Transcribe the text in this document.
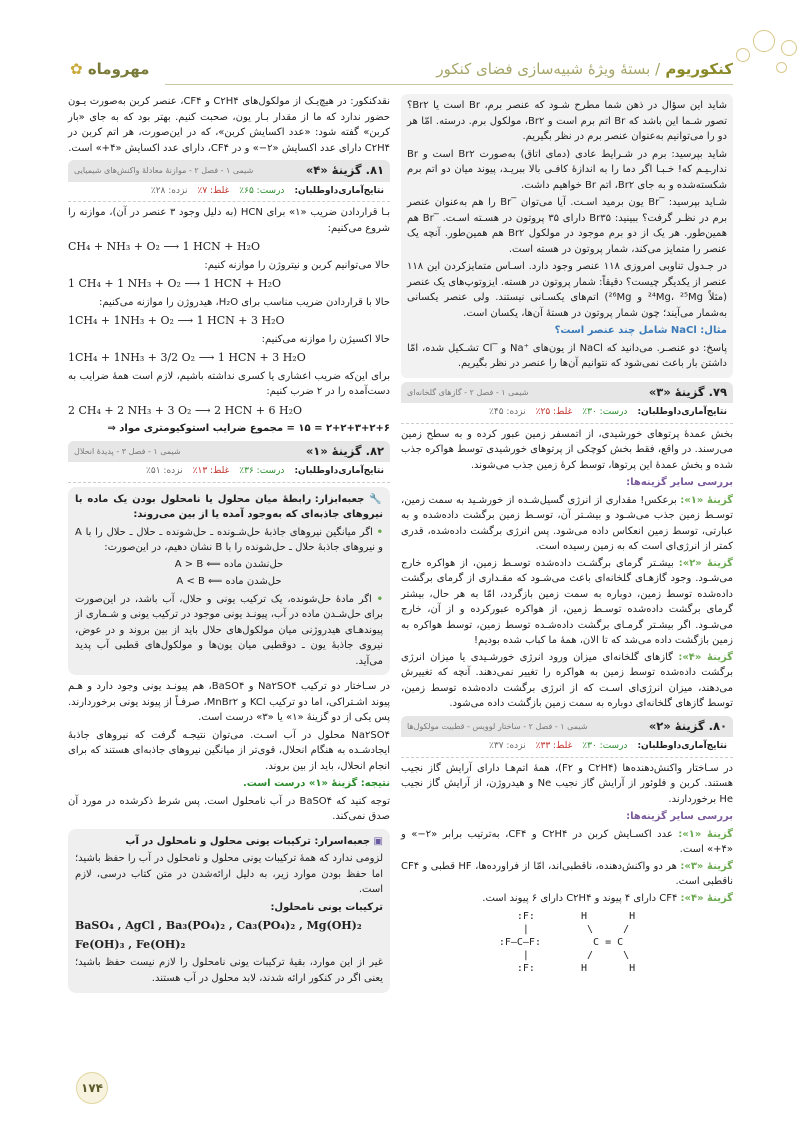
کنکوریوم / بستهٔ ویژهٔ شبیه‌سازی فضای کنکور
مهروماه ✿

شاید این سؤال در ذهن شما مطرح شـود که عنصر برم، Br است یا Br۲؟ تصور شـما این باشد که Br اتم برم است و Br۲، مولکول برم. درسته. امّا هر دو را می‌توانیم به‌عنوان عنصر برم در نظر بگیریم.

شاید بپرسید: برم در شـرایط عادی (دمای اتاق) به‌صورت Br۲ است و Br ندارـیـم که! خـبـا اگر دما را به اندازهٔ کافـی بالا ببریـد، پیوند میان دو اتم برم شکسته‌شده و به جای Br۲، اتم Br خواهیم داشت.

شـاید بپرسید: ‾Br یون برمید اسـت. آیا می‌توان ‾Br را هم به‌عنوان عنصر برم در نظـر گرفت؟ ببینید: Br۳۵ دارای ۳۵ پروتون در هسـته اسـت. ‾Br هم همین‌طور. هر یک از دو برم موجود در مولکول Br۲ هم همین‌طور. آنچه یک عنصر را متمایز می‌کند، شمار پروتون در هسته است.

در جـدول تناوبی امروزی ۱۱۸ عنصر وجود دارد. اسـاس متمایزکردن این ۱۱۸ عنصر از یکدیگر چیست؟ دقیقاً: شمار پروتون در هسته. ایزوتوپ‌های یک عنصر (مثلاً ‎²⁴Mg، ²⁵Mg و ²⁶Mg) اتم‌های یکسـانی نیستند. ولی عنصر یکسانی به‌شمار می‌آیند؛ چون شمار پروتون در هستهٔ آن‌ها، یکسان است.

مثال: NaCl شامل چند عنصر است؟

پاسخ: دو عنصـر. می‌دانید که NaCl از یون‌های ⁺Na و ‾Cl تشـکیل شده، امّا داشتن بار باعث نمی‌شود که نتوانیم آن‌ها را عنصر در نظر بگیریم.

۷۹. گزینهٔ «۳»
شیمی ۱ - فصل ۲ - گازهای گلخانه‌ای
نتایج‌آماری‌داوطلبان:
درست: ۳۰٪
غلط: ۲۵٪
نزده: ۴۵٪

بخش عمدهٔ پرتوهای خورشیدی، از اتمسفر زمین عبور کرده و به سطح زمین می‌رسند. در واقع، فقط بخش کوچکی از پرتوهای خورشیدی توسط هواکره جذب شده و بخش عمدهٔ این پرتوها، توسط کرهٔ زمین جذب می‌شوند.

بررسی سایر گزینه‌ها:

گزینهٔ «۱»: برعکس! مقداری از انرژی گسیل‌شـده از خورشـید به سمت زمین، توسـط زمین جذب می‌شـود و بیشـتر آن، توسـط زمین برگشت داده‌شده و به عبارتی، توسط زمین انعکاس داده می‌شود. پس انرژی برگشت داده‌شده، قدری کمتر از انرژی‌ای است که به زمین رسیده است.

گزینهٔ «۲»: بیشـتر گرمای برگشـت داده‌شده توسـط زمین، از هواکره خارج می‌شـود. وجود گازهـای گلخانه‌ای باعث می‌شـود که مقـداری از گرمای برگشت داده‌شده توسط زمین، دوباره به سمت زمین بازگردد، امّا به هر حال، بیشتر گرمای برگشت داده‌شده توسـط زمین، از هواکره عبورکرده و از آن، خارج می‌شـود. اگر بیشـتر گرمـای برگشت داده‌شـده توسط زمین، توسط هواکره به زمین بازگشت داده می‌شد که تا الان، همهٔ ما کباب شده بودیم!

گزینهٔ «۴»: گازهای گلخانه‌ای میزان ورود انرژی خورشـیدی یا میزان انرژی برگشت داده‌شده توسط زمین به هواکره را تغییر نمی‌دهند. آنچه که تغییرش می‌دهند، میزان انرژی‌ای اسـت که از انرژی برگشت داده‌شده توسط زمین، توسط گازهای گلخانه‌ای دوباره به سمت زمین بازگشت داده می‌شود.

۸۰. گزینهٔ «۲»
شیمی ۱ - فصل ۲ - ساختار لوویس - قطبیت مولکول‌ها
نتایج‌آماری‌داوطلبان:
درست: ۳۰٪
غلط: ۳۳٪
نزده: ۳۷٪

در سـاختار واکنش‌دهنده‌ها (C۲H۴ و F۲)، همهٔ اتم‌هـا دارای آرایش گاز نجیب هستند. کربن و فلوئور از آرایش گاز نجیب Ne و هیدروژن، از آرایش گاز نجیب He برخوردارند.

بررسی سایر گزینه‌ها:

گزینهٔ «۱»: عدد اکسـایش کربن در C۲H۴ و CF۴، به‌ترتیب برابر «۲−» و «۴+» است.

گزینهٔ «۳»: هر دو واکنش‌دهنده، ناقطبی‌اند، امّا از فراورده‌ها، HF قطبی و CF۴ ناقطبی است.

گزینهٔ «۴»: CF۴ دارای ۴ پیوند و C۲H۴ دارای ۶ پیوند است.

:F:
|
:F—C—F:
|
:F:
H       H
\     /
C = C
/     \
H       H

نقدکنکور: در هیچ‌یـک از مولکول‌های C۲H۴ و CF۴، عنصر کربن به‌صورت یـون حضور ندارد که ما از مقدار بـار یون، صحبت کنیم. بهتر بود که به جای «بار کربن» گفته شود: «عدد اکسایش کربن»، که در این‌صورت، هر اتم کربن در C۲H۴ دارای عدد اکسایش «۲−» و در CF۴، دارای عدد اکسایش «۴+» است.

۸۱. گزینهٔ «۴»
شیمی ۱ - فصل ۲ - موازنهٔ معادلهٔ واکنش‌های شیمیایی
نتایج‌آماری‌داوطلبان:
درست: ۶۵٪
غلط: ۷٪
نزده: ۲۸٪

بـا قراردادن ضریب «۱» برای HCN (به دلیل وجود ۳ عنصر در آن)، موازنه را شروع می‌کنیم:

CH₄ + NH₃ + O₂ ⟶ 1 HCN + H₂O

حالا می‌توانیم کربن و نیتروژن را موازنه کنیم:

1 CH₄ + 1 NH₃ + O₂ ⟶ 1 HCN + H₂O

حالا با قراردادن ضریب مناسب برای H₂O، هیدروژن را موازنه می‌کنیم:

1CH₄ + 1NH₃ + O₂ ⟶ 1 HCN + 3 H₂O

حالا اکسیژن را موازنه می‌کنیم:

1CH₄ + 1NH₃ + 3/2 O₂ ⟶ 1 HCN + 3 H₂O

برای این‌که ضریب اعشاری یا کسری نداشته باشیم، لازم است همهٔ ضرایب به دست‌آمده را در ۲ ضرب کنیم:

2 CH₄ + 2 NH₃ + 3 O₂ ⟶ 2 HCN + 6 H₂O

۲+۲+۳+۲+۶ = ۱۵ = مجموع ضرایب استوکیومتری مواد ⇒

۸۲. گزینهٔ «۱»
شیمی ۱ - فصل ۳ - پدیدهٔ انحلال
نتایج‌آماری‌داوطلبان:
درست: ۳۶٪
غلط: ۱۳٪
نزده: ۵۱٪
🔧 جعبه‌ابزار: رابطهٔ میان محلول یا نامحلول بودن یک ماده با نیروهای جاذبه‌ای که به‌وجود آمده یا از بین می‌روند:

• اگر میانگین نیروهای جاذبهٔ حل‌شـونده ـ حل‌شونده ـ حلال ـ حلال را با A و نیروهای جاذبهٔ حلال ـ حل‌شونده را با B نشان دهیم، در این‌صورت:

حل‌نشدن ماده ⟸ A > B

حل‌شدن ماده ⟸ A < B

• اگر مادهٔ حل‌شونده، یک ترکیب یونی و حلال، آب باشد، در این‌صورت برای حل‌شـدن ماده در آب، پیونـد یونی موجود در ترکیب یونی و شـماری از پیوندهـای هیدروژنی میان مولکول‌های حلال باید از بین بروند و در عوض، نیروی جاذبهٔ یون ـ دوقطبی میان یون‌ها و مولکول‌های قطبی آب پدید می‌آید.

در سـاختار دو ترکیب Na۲SO۴ و BaSO۴، هم پیونـد یونی وجود دارد و هـم پیوند اشـتراکی، اما دو ترکیب KCl و MnBr۲، صرفـاً از پیوند یونی برخوردارند. پس یکی از دو گزینهٔ «۱» یا «۳» درست است.

Na۲SO۴ محلول در آب اسـت. می‌توان نتیجـه گرفت که نیروهای جاذبهٔ ایجادشـده به هنگام انحلال، قوی‌تر از میانگین نیروهای جاذبه‌ای هستند که برای انجام انحلال، باید از بین بروند.

نتیجه: گزینهٔ «۱» درست است.

توجه کنید که BaSO۴ در آب نامحلول است. پس شرط ذکرشده در مورد آن صدق نمی‌کند.

▣ جعبه‌اسرار: ترکیبات یونی محلول و نامحلول در آب

لزومی ندارد که همهٔ ترکیبات یونی محلول و نامحلول در آب را حفظ باشید؛ اما حفظ بودن موارد زیر، به دلیل ارائه‌شدن در متن کتاب درسی، لازم است.

ترکیبات یونی نامحلول:

BaSO₄ , AgCl , Ba₃(PO₄)₂ , Ca₃(PO₄)₂ , Mg(OH)₂
Fe(OH)₃ , Fe(OH)₂

غیر از این موارد، بقیهٔ ترکیبات یونی نامحلول را لازم نیست حفظ باشید؛ یعنی اگر در کنکور ارائه شدند، لابد محلول در آب هستند.

۱۷۴
